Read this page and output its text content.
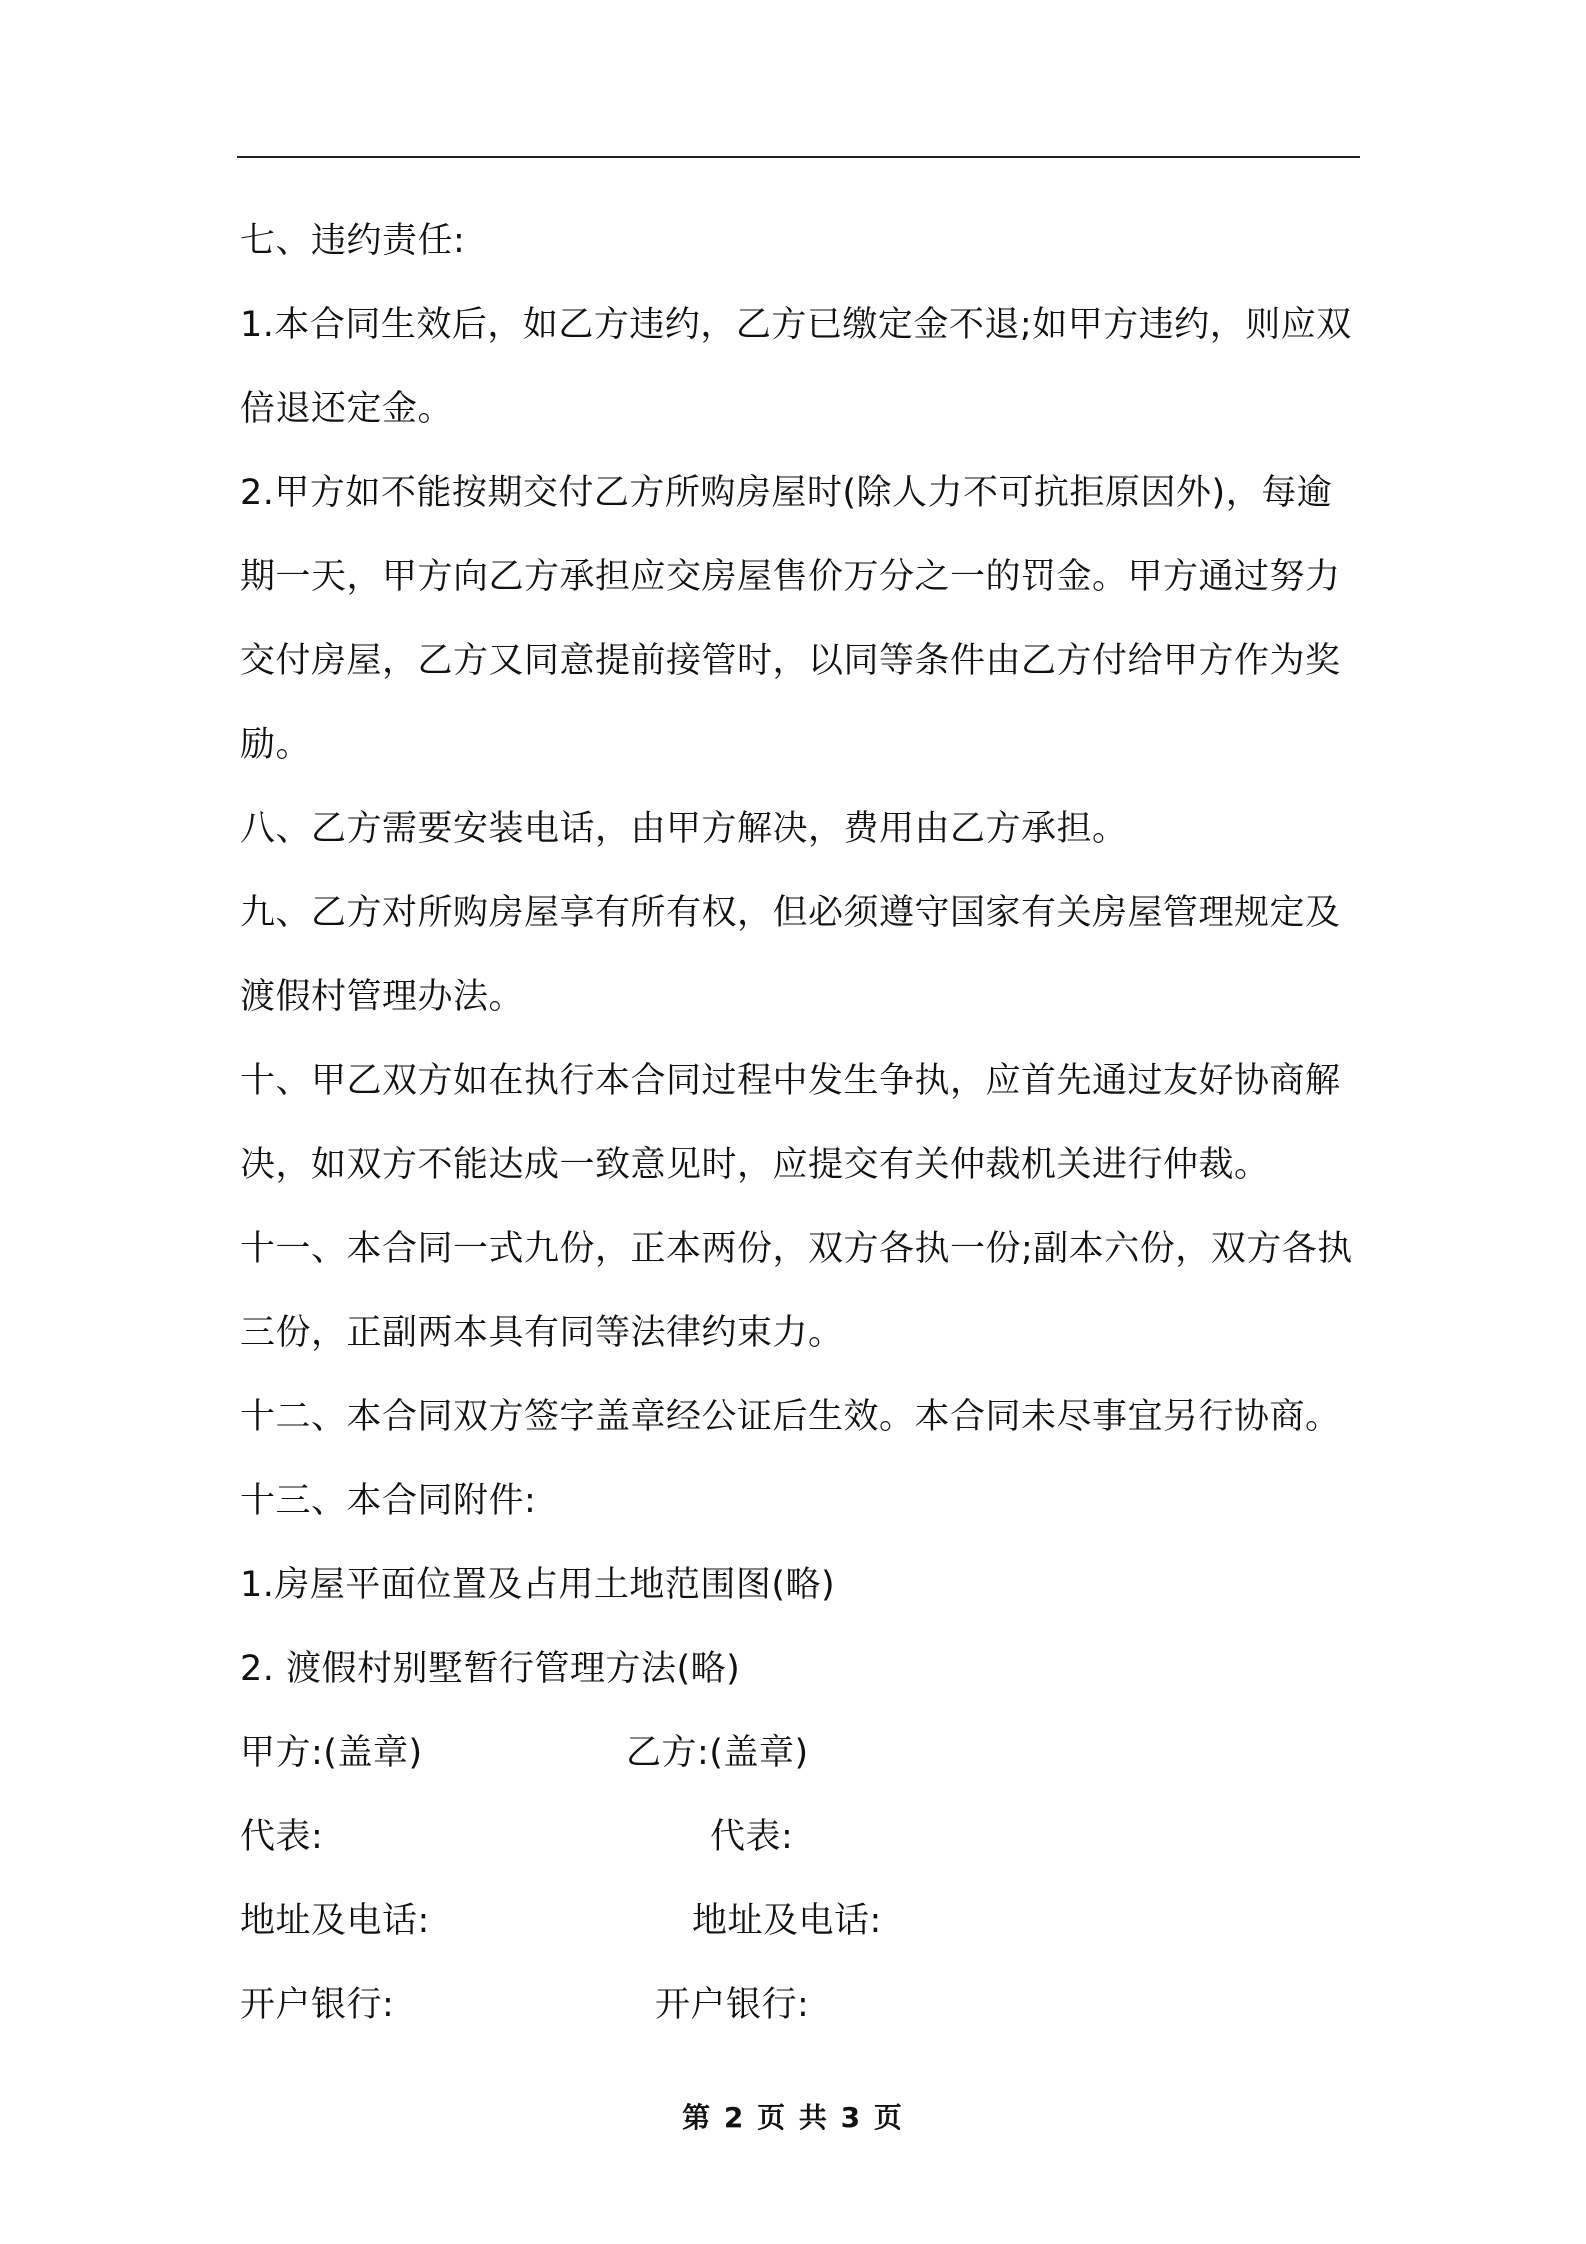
七、违约责任:

1.本合同生效后，如乙方违约，乙方已缴定金不退;如甲方违约，则应双倍退还定金。

2.甲方如不能按期交付乙方所购房屋时(除人力不可抗拒原因外)，每逾期一天，甲方向乙方承担应交房屋售价万分之一的罚金。甲方通过努力交付房屋，乙方又同意提前接管时，以同等条件由乙方付给甲方作为奖励。

八、乙方需要安装电话，由甲方解决，费用由乙方承担。

九、乙方对所购房屋享有所有权，但必须遵守国家有关房屋管理规定及渡假村管理办法。

十、甲乙双方如在执行本合同过程中发生争执，应首先通过友好协商解决，如双方不能达成一致意见时，应提交有关仲裁机关进行仲裁。

十一、本合同一式九份，正本两份，双方各执一份;副本六份，双方各执三份，正副两本具有同等法律约束力。

十二、本合同双方签字盖章经公证后生效。本合同未尽事宜另行协商。

十三、本合同附件:

1.房屋平面位置及占用土地范围图(略)

2. 渡假村别墅暂行管理方法(略)

甲方:(盖章)	乙方:(盖章)
代表:	代表:
地址及电话:	地址及电话:
开户银行:	开户银行:
第 2 页 共 3 页
